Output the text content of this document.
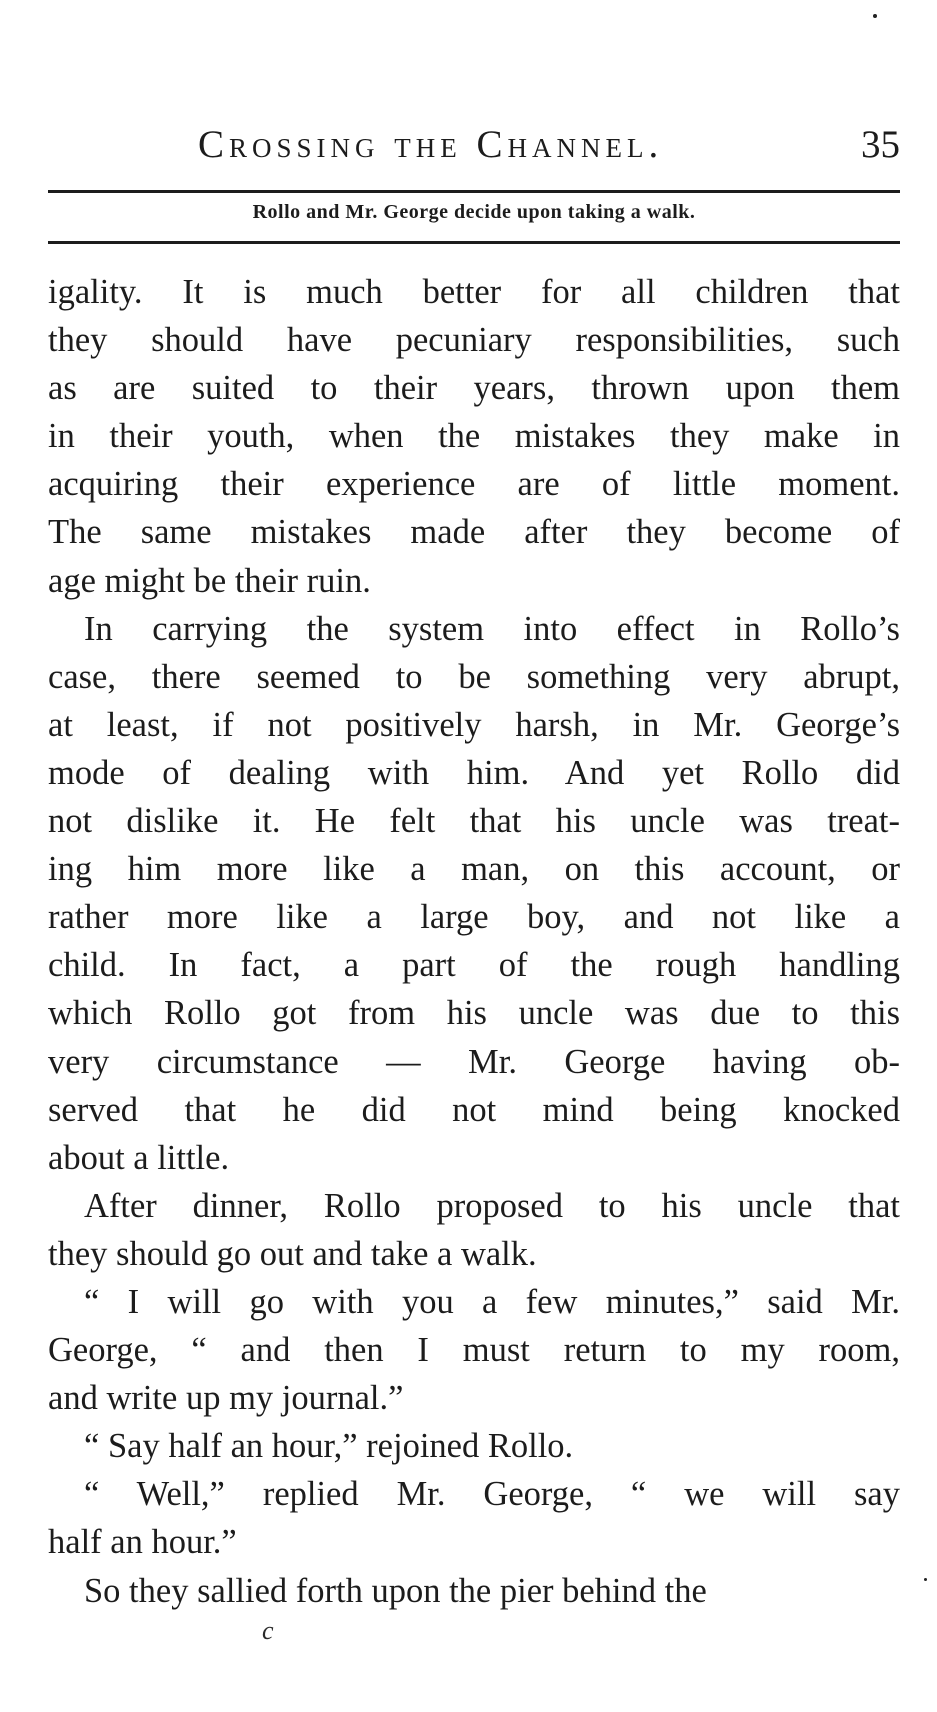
Crossing the Channel.	35
Rollo and Mr. George decide upon taking a walk.
igality. It is much better for all children that
they should have pecuniary responsibilities, such
as are suited to their years, thrown upon them
in their youth, when the mistakes they make in
acquiring their experience are of little moment.
The same mistakes made after they become of
age might be their ruin.
In carrying the system into effect in Rollo’s
case, there seemed to be something very abrupt,
at least, if not positively harsh, in Mr. George’s
mode of dealing with him. And yet Rollo did
not dislike it. He felt that his uncle was treat-
ing him more like a man, on this account, or
rather more like a large boy, and not like a
child. In fact, a part of the rough handling
which Rollo got from his uncle was due to this
very circumstance — Mr. George having ob-
served that he did not mind being knocked
about a little.
After dinner, Rollo proposed to his uncle that
they should go out and take a walk.
“ I will go with you a few minutes,” said Mr.
George, “ and then I must return to my room,
and write up my journal.”
“ Say half an hour,” rejoined Rollo.
“ Well,” replied Mr. George, “ we will say
half an hour.”
So they sallied forth upon the pier behind the
c
